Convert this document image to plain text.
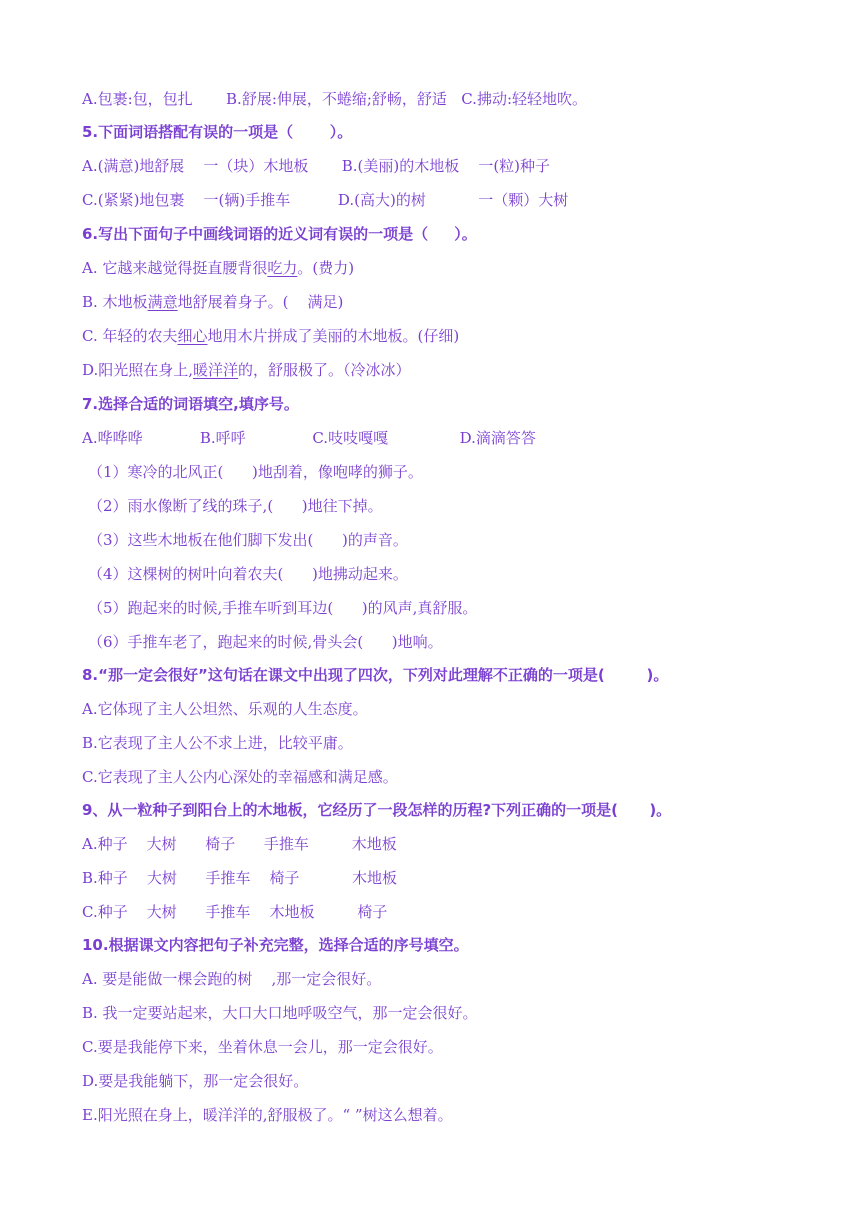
A.包裹:包，包扎       B.舒展:伸展，不蜷缩;舒畅，舒适   C.拂动:轻轻地吹。
5.下面词语搭配有误的一项是（       ）。
A.(满意)地舒展    一（块）木地板       B.(美丽)的木地板    一(粒)种子
C.(紧紧)地包裹    一(辆)手推车          D.(高大)的树           一（颗）大树
6.写出下面句子中画线词语的近义词有误的一项是（     ）。
A. 它越来越觉得挺直腰背很吃力。(费力)
B. 木地板满意地舒展着身子。(    满足)
C. 年轻的农夫细心地用木片拼成了美丽的木地板。(仔细)
D.阳光照在身上,暖洋洋的，舒服极了。（冷冰冰）
7.选择合适的词语填空,填序号。
A.哗哗哗            B.呼呼              C.吱吱嘎嘎               D.滴滴答答
（1）寒冷的北风正(      )地刮着，像咆哮的狮子。
（2）雨水像断了线的珠子,(      )地往下掉。
（3）这些木地板在他们脚下发出(      )的声音。
（4）这棵树的树叶向着农夫(      )地拂动起来。
（5）跑起来的时候,手推车听到耳边(      )的风声,真舒服。
（6）手推车老了，跑起来的时候,骨头会(      )地响。
8.“那一定会很好”这句话在课文中出现了四次，下列对此理解不正确的一项是(        )。
A.它体现了主人公坦然、乐观的人生态度。
B.它表现了主人公不求上进，比较平庸。
C.它表现了主人公内心深处的幸福感和满足感。
9、从一粒种子到阳台上的木地板，它经历了一段怎样的历程?下列正确的一项是(      )。
A.种子    大树      椅子      手推车         木地板
B.种子    大树      手推车    椅子           木地板
C.种子    大树      手推车    木地板         椅子
10.根据课文内容把句子补充完整，选择合适的序号填空。
A. 要是能做一棵会跑的树    ,那一定会很好。
B. 我一定要站起来，大口大口地呼吸空气，那一定会很好。
C.要是我能停下来，坐着休息一会儿，那一定会很好。
D.要是我能躺下，那一定会很好。
E.阳光照在身上，暖洋洋的,舒服极了。“ ”树这么想着。
